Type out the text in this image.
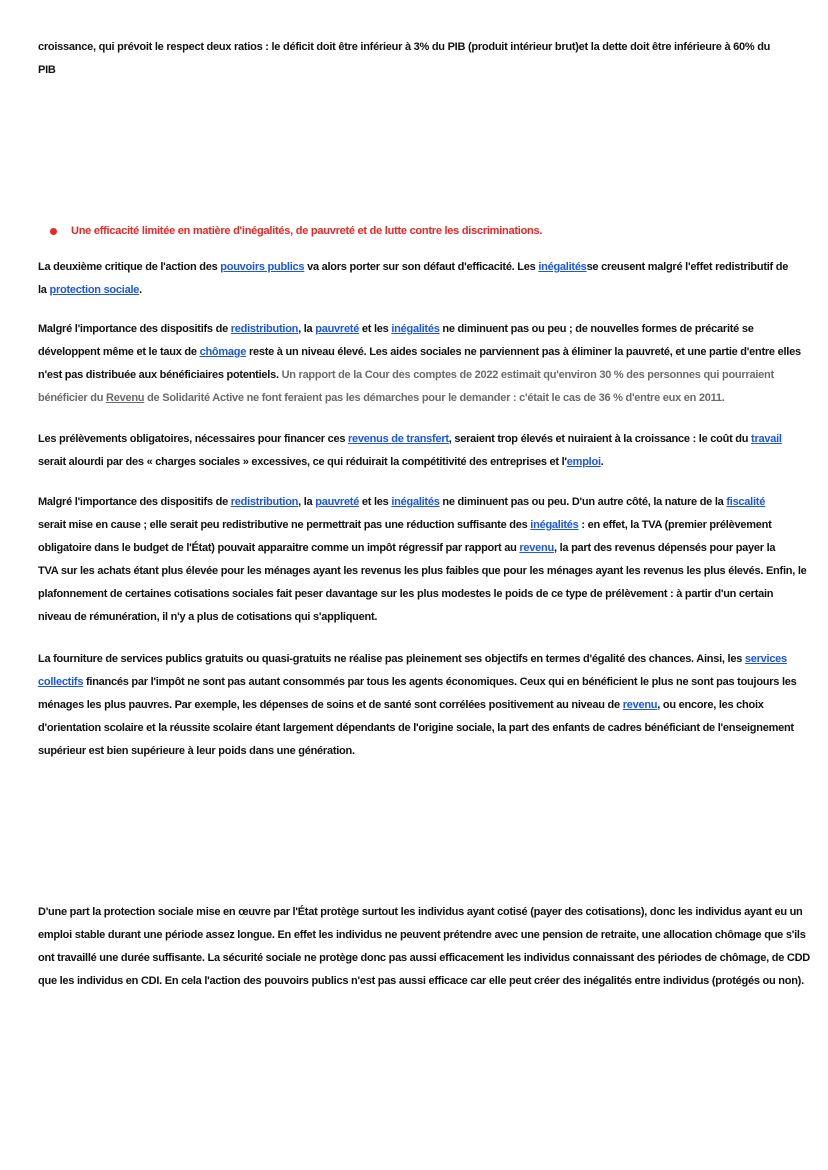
croissance, qui prévoit le respect deux ratios : le déficit doit être inférieur à 3% du PIB (produit intérieur brut)et la dette doit être inférieure à 60% du
PIB
Une efficacité limitée en matière d'inégalités, de pauvreté et de lutte contre les discriminations.
La deuxième critique de l'action des pouvoirs publics va alors porter sur son défaut d'efficacité. Les inégalitésse creusent malgré l'effet redistributif de
la protection sociale.
Malgré l'importance des dispositifs de redistribution, la pauvreté et les inégalités ne diminuent pas ou peu ; de nouvelles formes de précarité se
développent même et le taux de chômage reste à un niveau élevé. Les aides sociales ne parviennent pas à éliminer la pauvreté, et une partie d'entre elles
n'est pas distribuée aux bénéficiaires potentiels. Un rapport de la Cour des comptes de 2022 estimait qu'environ 30 % des personnes qui pourraient
bénéficier du Revenu de Solidarité Active ne font feraient pas les démarches pour le demander : c'était le cas de 36 % d'entre eux en 2011.
Les prélèvements obligatoires, nécessaires pour financer ces revenus de transfert, seraient trop élevés et nuiraient à la croissance : le coût du travail
serait alourdi par des « charges sociales » excessives, ce qui réduirait la compétitivité des entreprises et l'emploi.
Malgré l'importance des dispositifs de redistribution, la pauvreté et les inégalités ne diminuent pas ou peu. D'un autre côté, la nature de la fiscalité
serait mise en cause ; elle serait peu redistributive ne permettrait pas une réduction suffisante des inégalités : en effet, la TVA (premier prélèvement
obligatoire dans le budget de l'État) pouvait apparaitre comme un impôt régressif par rapport au revenu, la part des revenus dépensés pour payer la
TVA sur les achats étant plus élevée pour les ménages ayant les revenus les plus faibles que pour les ménages ayant les revenus les plus élevés. Enfin, le
plafonnement de certaines cotisations sociales fait peser davantage sur les plus modestes le poids de ce type de prélèvement : à partir d'un certain
niveau de rémunération, il n'y a plus de cotisations qui s'appliquent.
La fourniture de services publics gratuits ou quasi-gratuits ne réalise pas pleinement ses objectifs en termes d'égalité des chances. Ainsi, les services
collectifs financés par l'impôt ne sont pas autant consommés par tous les agents économiques. Ceux qui en bénéficient le plus ne sont pas toujours les
ménages les plus pauvres. Par exemple, les dépenses de soins et de santé sont corrélées positivement au niveau de revenu, ou encore, les choix
d'orientation scolaire et la réussite scolaire étant largement dépendants de l'origine sociale, la part des enfants de cadres bénéficiant de l'enseignement
supérieur est bien supérieure à leur poids dans une génération.
D'une part la protection sociale mise en œuvre par l'État protège surtout les individus ayant cotisé (payer des cotisations), donc les individus ayant eu un
emploi stable durant une période assez longue. En effet les individus ne peuvent prétendre avec une pension de retraite, une allocation chômage que s'ils
ont travaillé une durée suffisante. La sécurité sociale ne protège donc pas aussi efficacement les individus connaissant des périodes de chômage, de CDD
que les individus en CDI. En cela l'action des pouvoirs publics n'est pas aussi efficace car elle peut créer des inégalités entre individus (protégés ou non).
